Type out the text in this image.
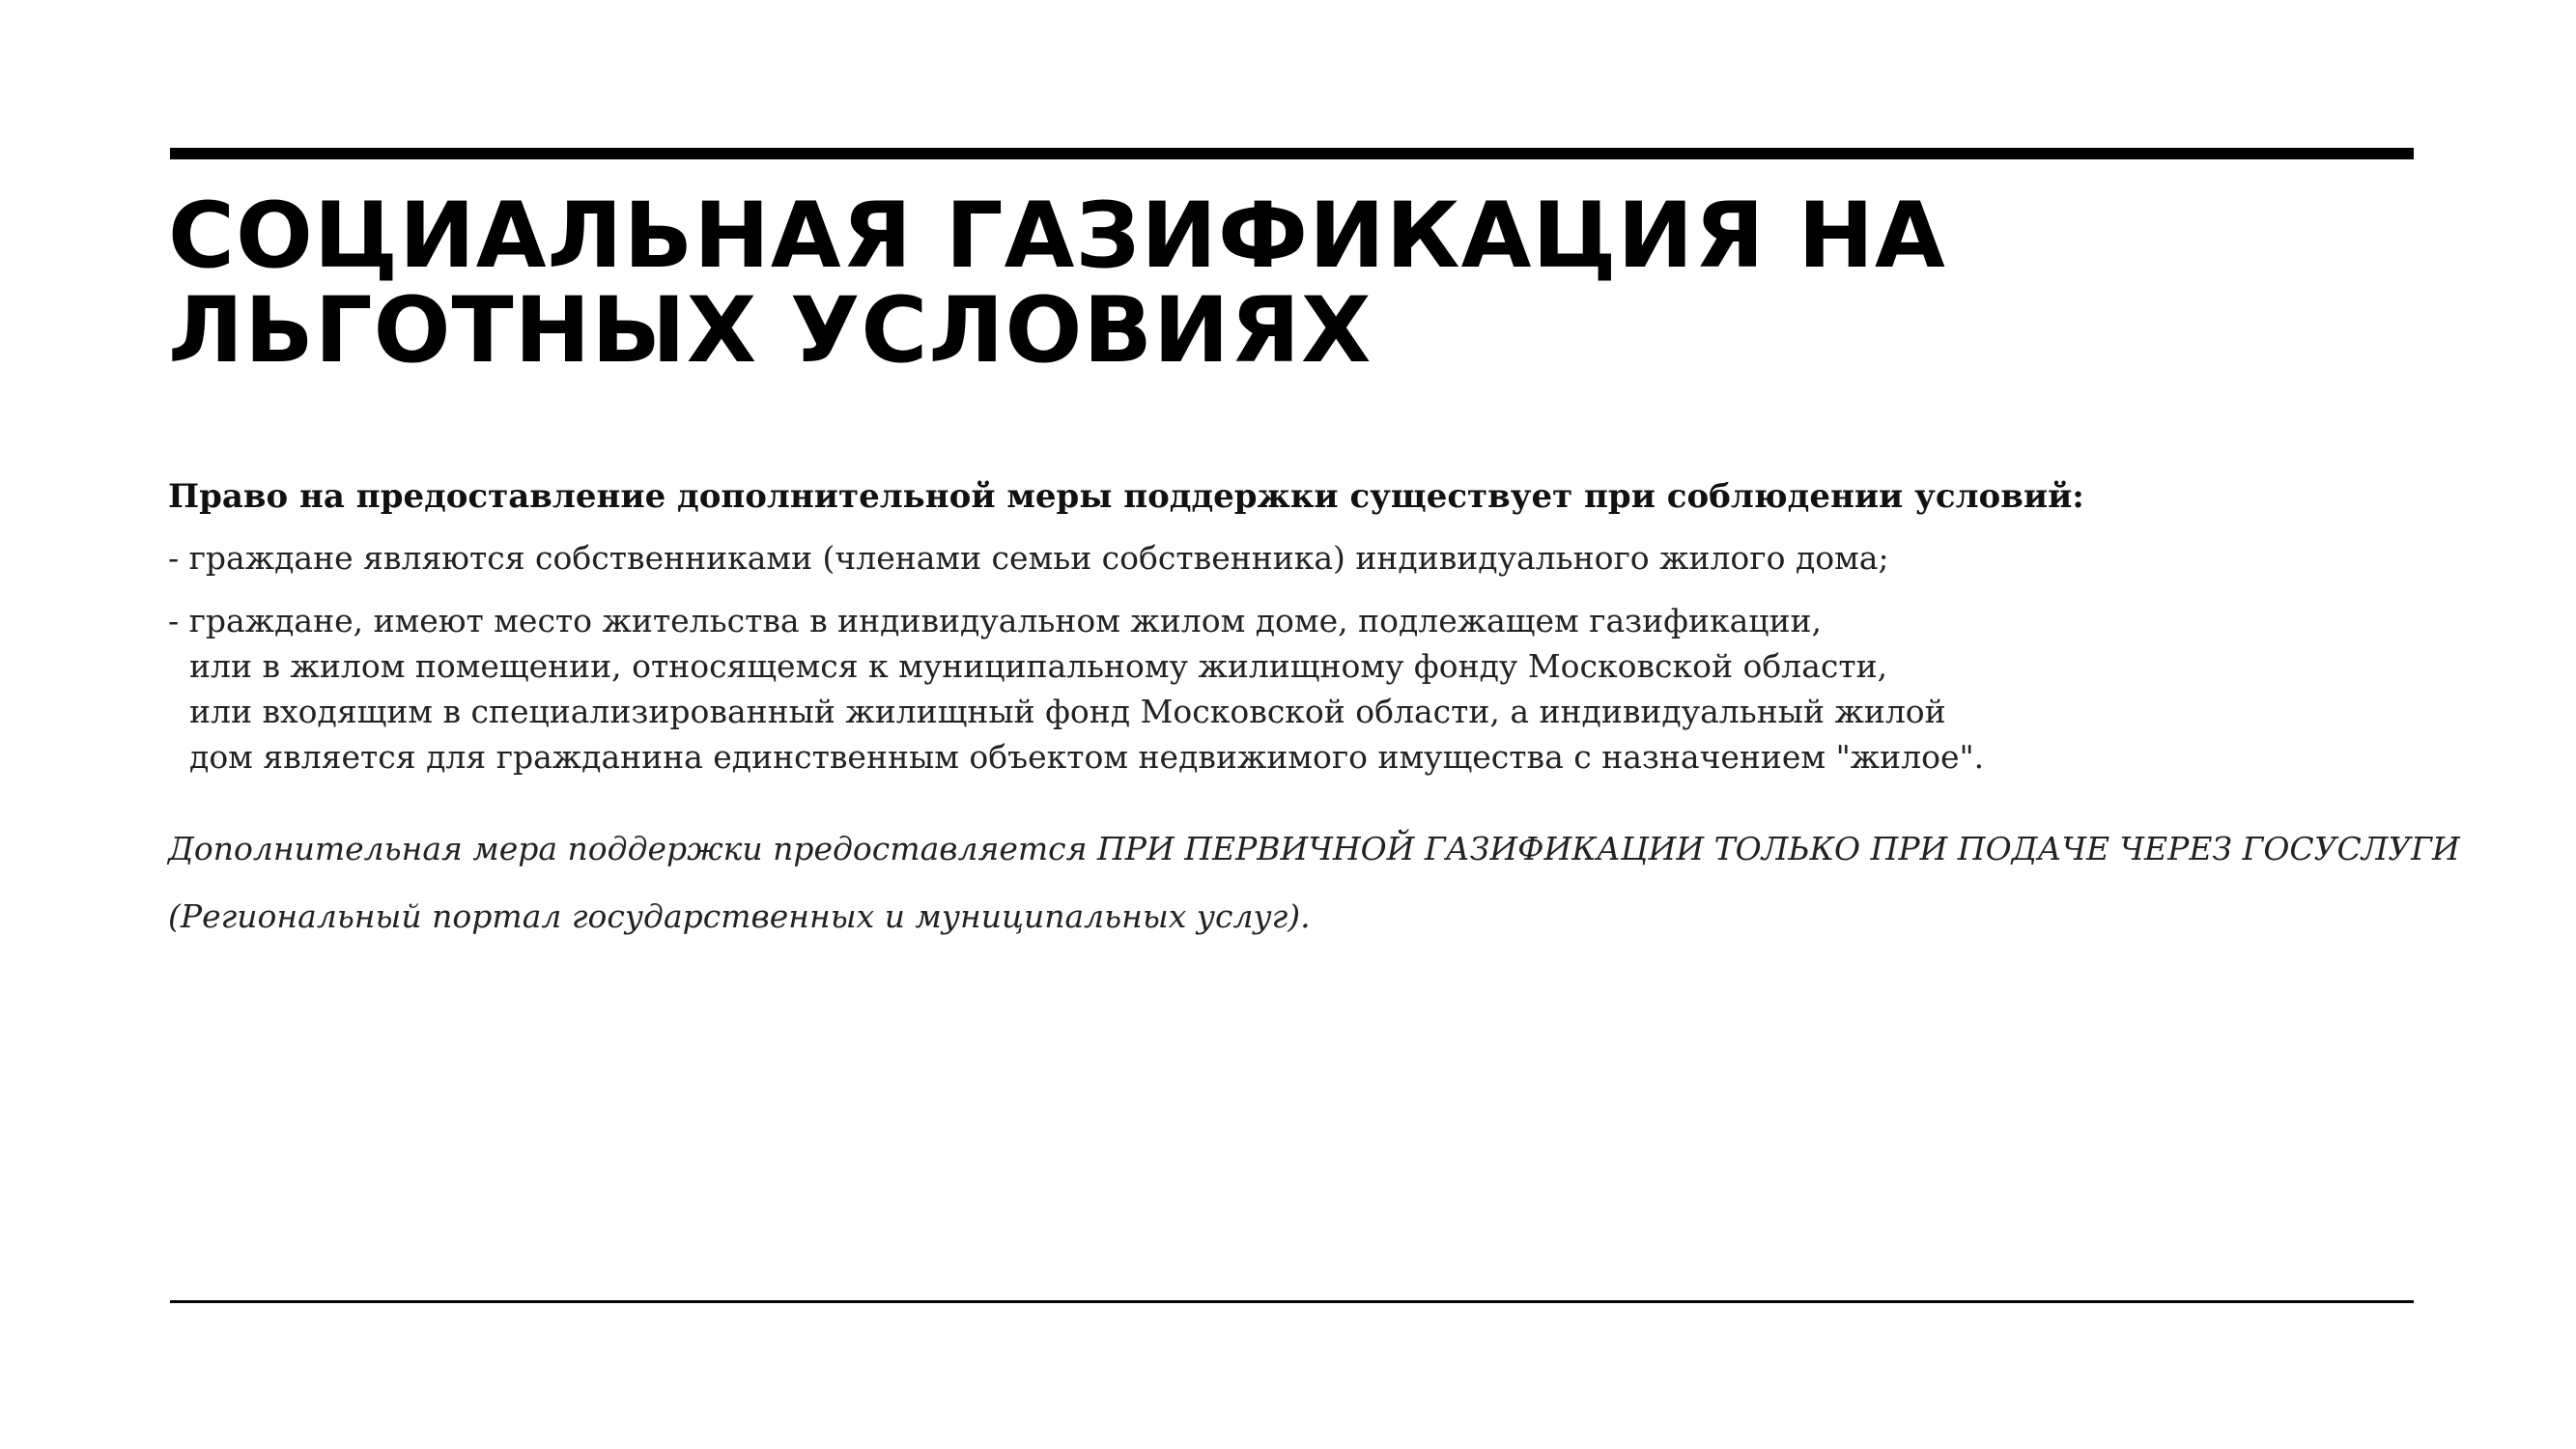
СОЦИАЛЬНАЯ ГАЗИФИКАЦИЯ НА
ЛЬГОТНЫХ УСЛОВИЯХ

Право на предоставление дополнительной меры поддержки существует при соблюдении условий:

- граждане являются собственниками (членами семьи собственника) индивидуального жилого дома;

- граждане, имеют место жительства в индивидуальном жилом доме, подлежащем газификации,
или в жилом помещении, относящемся к муниципальному жилищному фонду Московской области,
или входящим в специализированный жилищный фонд Московской области, а индивидуальный жилой
дом является для гражданина единственным объектом недвижимого имущества с назначением "жилое".

Дополнительная мера поддержки предоставляется ПРИ ПЕРВИЧНОЙ ГАЗИФИКАЦИИ ТОЛЬКО ПРИ ПОДАЧЕ ЧЕРЕЗ ГОСУСЛУГИ

(Региональный портал государственных и муниципальных услуг).
